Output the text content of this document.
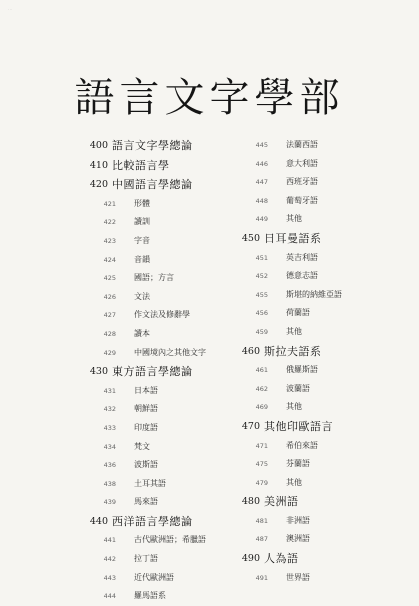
...
語言文字學部
400 語言文字學總論
410 比較語言學
420 中國語言學總論
421 形體
422 讀訓
423 字音
424 音韻
425 國語；方言
426 文法
427 作文法及修辭學
428 讀本
429 中國境內之其他文字
430 東方語言學總論
431 日本語
432 朝鮮語
433 印度語
434 梵文
436 波斯語
438 土耳其語
439 馬來語
440 西洋語言學總論
441 古代歐洲語；希臘語
442 拉丁語
443 近代歐洲語
444 羅馬語系
445 法蘭西語
446 意大利語
447 西班牙語
448 葡萄牙語
449 其他
450 日耳曼語系
451 英吉利語
452 德意志語
455 斯堪的納維亞語
456 荷蘭語
459 其他
460 斯拉夫語系
461 俄羅斯語
462 波蘭語
469 其他
470 其他印歐語言
471 希伯來語
475 芬蘭語
479 其他
480 美洲語
481 非洲語
487 澳洲語
490 人為語
491 世界語
